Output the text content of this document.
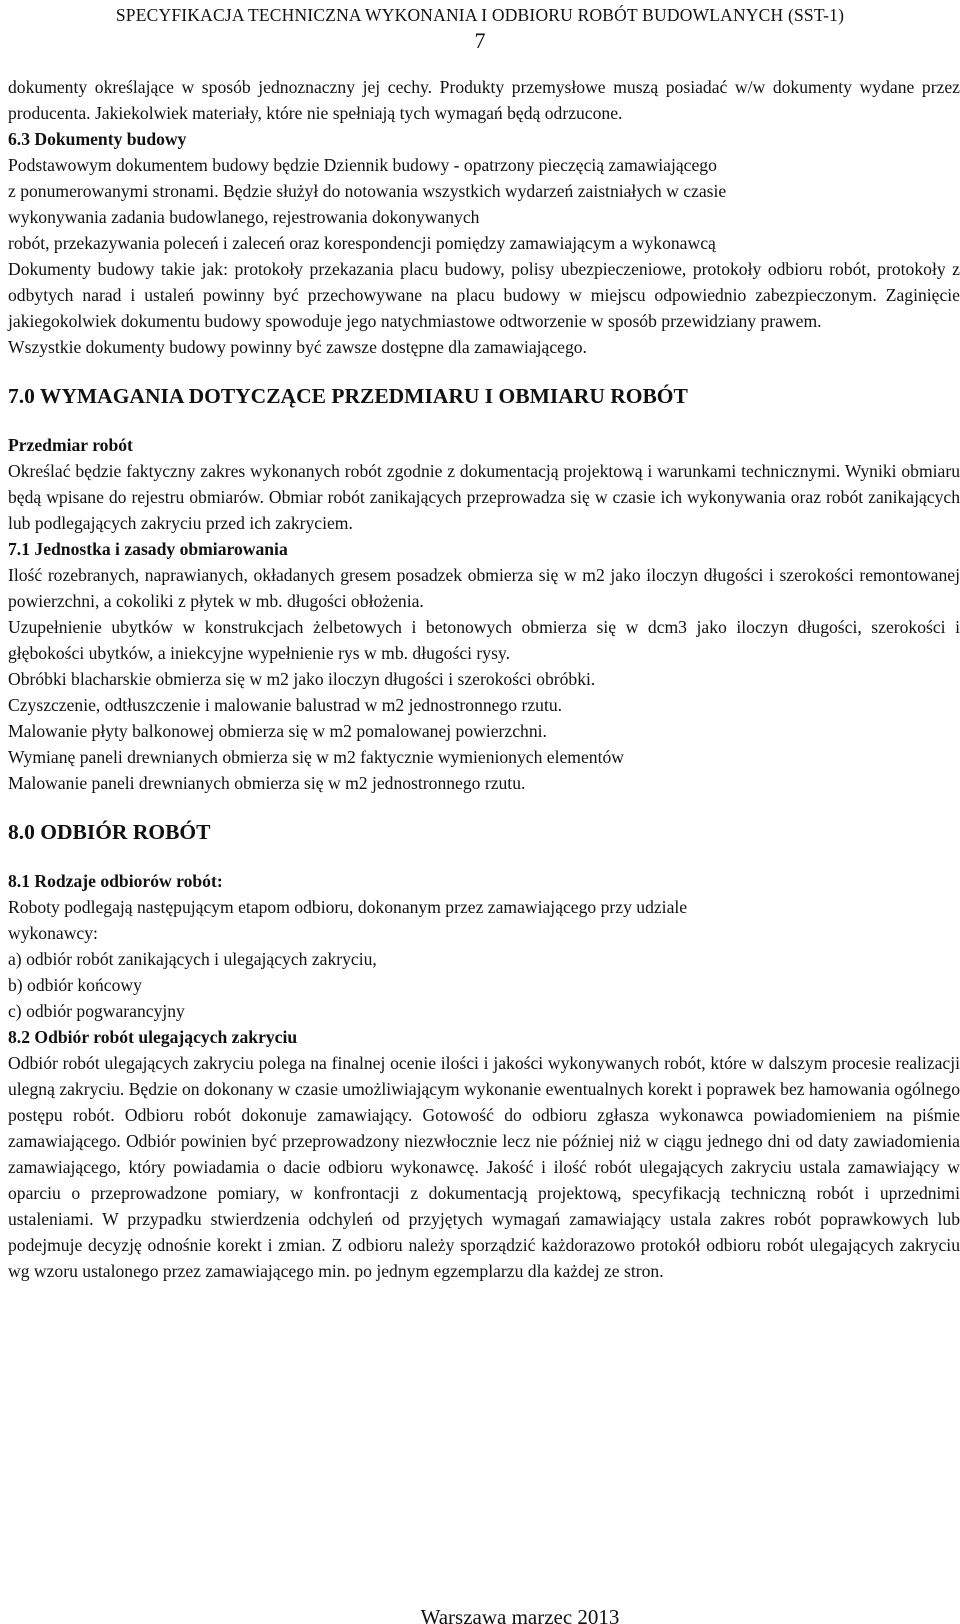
SPECYFIKACJA TECHNICZNA WYKONANIA I ODBIORU ROBÓT BUDOWLANYCH (SST-1)
7

dokumenty określające w sposób jednoznaczny jej cechy. Produkty przemysłowe muszą posiadać w/w dokumenty wydane przez producenta. Jakiekolwiek materiały, które nie spełniają tych wymagań będą odrzucone.

6.3 Dokumenty budowy

Podstawowym dokumentem budowy będzie Dziennik budowy - opatrzony pieczęcią zamawiającego

z ponumerowanymi stronami. Będzie służył do notowania wszystkich wydarzeń zaistniałych w czasie

wykonywania zadania budowlanego, rejestrowania dokonywanych

robót, przekazywania poleceń i zaleceń oraz korespondencji pomiędzy zamawiającym a wykonawcą

Dokumenty budowy takie jak: protokoły przekazania placu budowy, polisy ubezpieczeniowe, protokoły odbioru robót, protokoły z odbytych narad i ustaleń powinny być przechowywane na placu budowy w miejscu odpowiednio zabezpieczonym. Zaginięcie jakiegokolwiek dokumentu budowy spowoduje jego natychmiastowe odtworzenie w sposób przewidziany prawem.

Wszystkie dokumenty budowy powinny być zawsze dostępne dla zamawiającego.

7.0 WYMAGANIA DOTYCZĄCE PRZEDMIARU I OBMIARU ROBÓT

Przedmiar robót

Określać będzie faktyczny zakres wykonanych robót zgodnie z dokumentacją projektową i warunkami technicznymi. Wyniki obmiaru będą wpisane do rejestru obmiarów. Obmiar robót zanikających przeprowadza się w czasie ich wykonywania oraz robót zanikających lub podlegających zakryciu przed ich zakryciem.

7.1 Jednostka i zasady obmiarowania

Ilość rozebranych, naprawianych, okładanych gresem posadzek obmierza się w m2 jako iloczyn długości i szerokości remontowanej powierzchni, a cokoliki z płytek w mb. długości obłożenia.

Uzupełnienie ubytków w konstrukcjach żelbetowych i betonowych obmierza się w dcm3 jako iloczyn długości, szerokości i głębokości ubytków, a iniekcyjne wypełnienie rys w mb. długości rysy.

Obróbki blacharskie obmierza się w m2 jako iloczyn długości i szerokości obróbki.

Czyszczenie, odtłuszczenie i malowanie balustrad w m2 jednostronnego rzutu.

Malowanie płyty balkonowej obmierza się w m2 pomalowanej powierzchni.

Wymianę paneli drewnianych obmierza się w m2 faktycznie wymienionych elementów

Malowanie paneli drewnianych obmierza się w m2 jednostronnego rzutu.

8.0 ODBIÓR ROBÓT

8.1 Rodzaje odbiorów robót:

Roboty podlegają następującym etapom odbioru, dokonanym przez zamawiającego przy udziale

wykonawcy:

a) odbiór robót zanikających i ulegających zakryciu,

b) odbiór końcowy

c) odbiór pogwarancyjny

8.2 Odbiór robót ulegających zakryciu

Odbiór robót ulegających zakryciu polega na finalnej ocenie ilości i jakości wykonywanych robót, które w dalszym procesie realizacji ulegną zakryciu. Będzie on dokonany w czasie umożliwiającym wykonanie ewentualnych korekt i poprawek bez hamowania ogólnego postępu robót. Odbioru robót dokonuje zamawiający. Gotowość do odbioru zgłasza wykonawca powiadomieniem na piśmie zamawiającego. Odbiór powinien być przeprowadzony niezwłocznie lecz nie później niż w ciągu jednego dni od daty zawiadomienia zamawiającego, który powiadamia o dacie odbioru wykonawcę. Jakość i ilość robót ulegających zakryciu ustala zamawiający w oparciu o przeprowadzone pomiary, w konfrontacji z dokumentacją projektową, specyfikacją techniczną robót i uprzednimi ustaleniami. W przypadku stwierdzenia odchyleń od przyjętych wymagań zamawiający ustala zakres robót poprawkowych lub podejmuje decyzję odnośnie korekt i zmian. Z odbioru należy sporządzić każdorazowo protokół odbioru robót ulegających zakryciu wg wzoru ustalonego przez zamawiającego min. po jednym egzemplarzu dla każdej ze stron.

Warszawa marzec 2013
